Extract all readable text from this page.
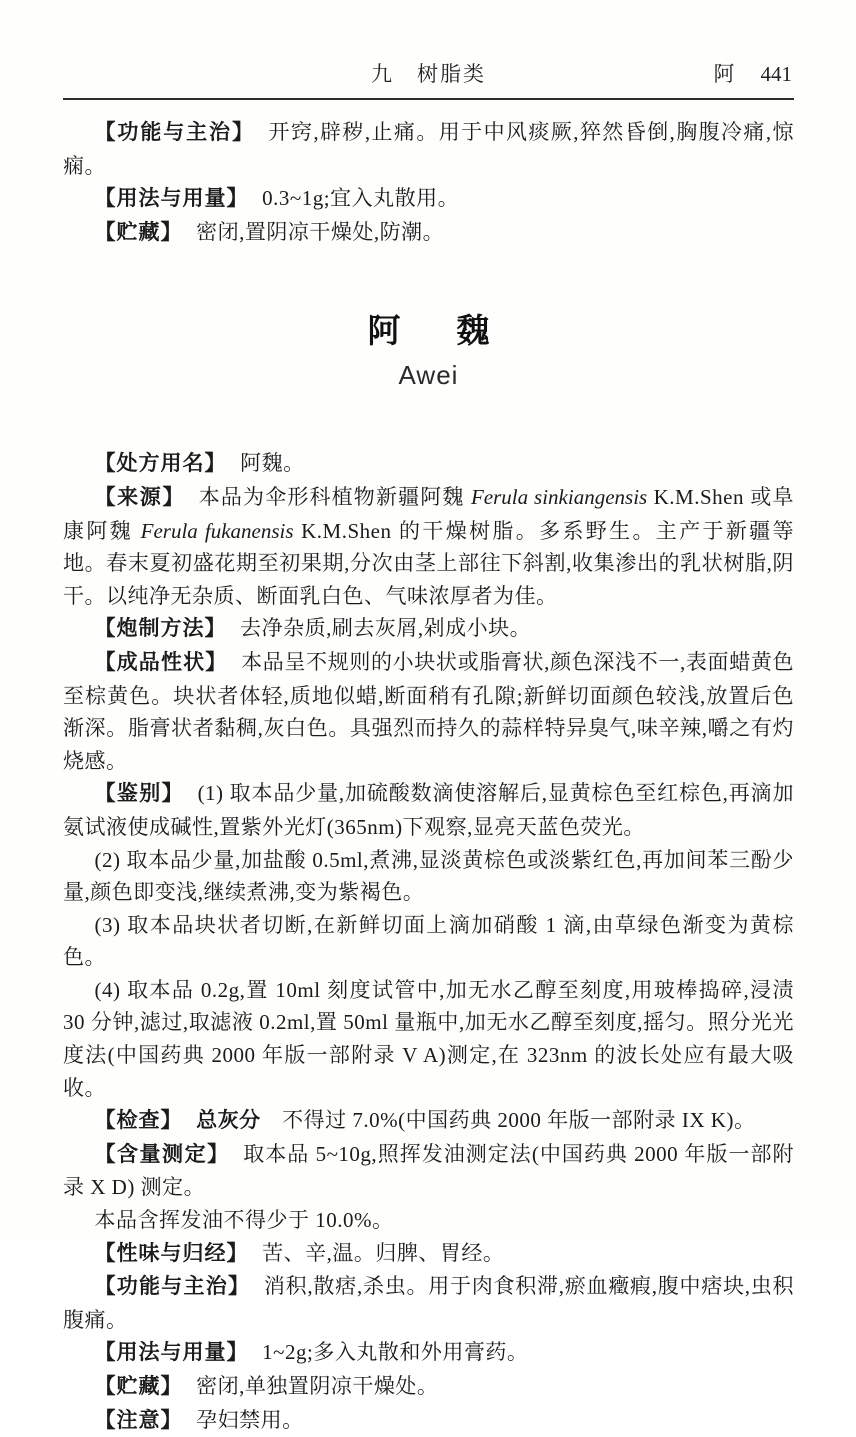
九　树脂类	阿 441

【功能与主治】 开窍,辟秽,止痛。用于中风痰厥,猝然昏倒,胸腹冷痛,惊痫。

【用法与用量】 0.3~1g;宜入丸散用。

【贮藏】 密闭,置阴凉干燥处,防潮。

阿 魏
Awei

【处方用名】 阿魏。

【来源】 本品为伞形科植物新疆阿魏 Ferula sinkiangensis K.M.Shen 或阜康阿魏 Ferula fukanensis K.M.Shen 的干燥树脂。多系野生。主产于新疆等地。春末夏初盛花期至初果期,分次由茎上部往下斜割,收集渗出的乳状树脂,阴干。以纯净无杂质、断面乳白色、气味浓厚者为佳。

【炮制方法】 去净杂质,刷去灰屑,剁成小块。

【成品性状】 本品呈不规则的小块状或脂膏状,颜色深浅不一,表面蜡黄色至棕黄色。块状者体轻,质地似蜡,断面稍有孔隙;新鲜切面颜色较浅,放置后色渐深。脂膏状者黏稠,灰白色。具强烈而持久的蒜样特异臭气,味辛辣,嚼之有灼烧感。

【鉴别】 (1) 取本品少量,加硫酸数滴使溶解后,显黄棕色至红棕色,再滴加氨试液使成碱性,置紫外光灯(365nm)下观察,显亮天蓝色荧光。

(2) 取本品少量,加盐酸 0.5ml,煮沸,显淡黄棕色或淡紫红色,再加间苯三酚少量,颜色即变浅,继续煮沸,变为紫褐色。

(3) 取本品块状者切断,在新鲜切面上滴加硝酸 1 滴,由草绿色渐变为黄棕色。

(4) 取本品 0.2g,置 10ml 刻度试管中,加无水乙醇至刻度,用玻棒捣碎,浸渍 30 分钟,滤过,取滤液 0.2ml,置 50ml 量瓶中,加无水乙醇至刻度,摇匀。照分光光度法(中国药典 2000 年版一部附录 V A)测定,在 323nm 的波长处应有最大吸收。

【检查】 总灰分 不得过 7.0%(中国药典 2000 年版一部附录 IX K)。

【含量测定】 取本品 5~10g,照挥发油测定法(中国药典 2000 年版一部附录 X D) 测定。

本品含挥发油不得少于 10.0%。

【性味与归经】 苦、辛,温。归脾、胃经。

【功能与主治】 消积,散痞,杀虫。用于肉食积滞,瘀血癥瘕,腹中痞块,虫积腹痛。

【用法与用量】 1~2g;多入丸散和外用膏药。

【贮藏】 密闭,单独置阴凉干燥处。

【注意】 孕妇禁用。
